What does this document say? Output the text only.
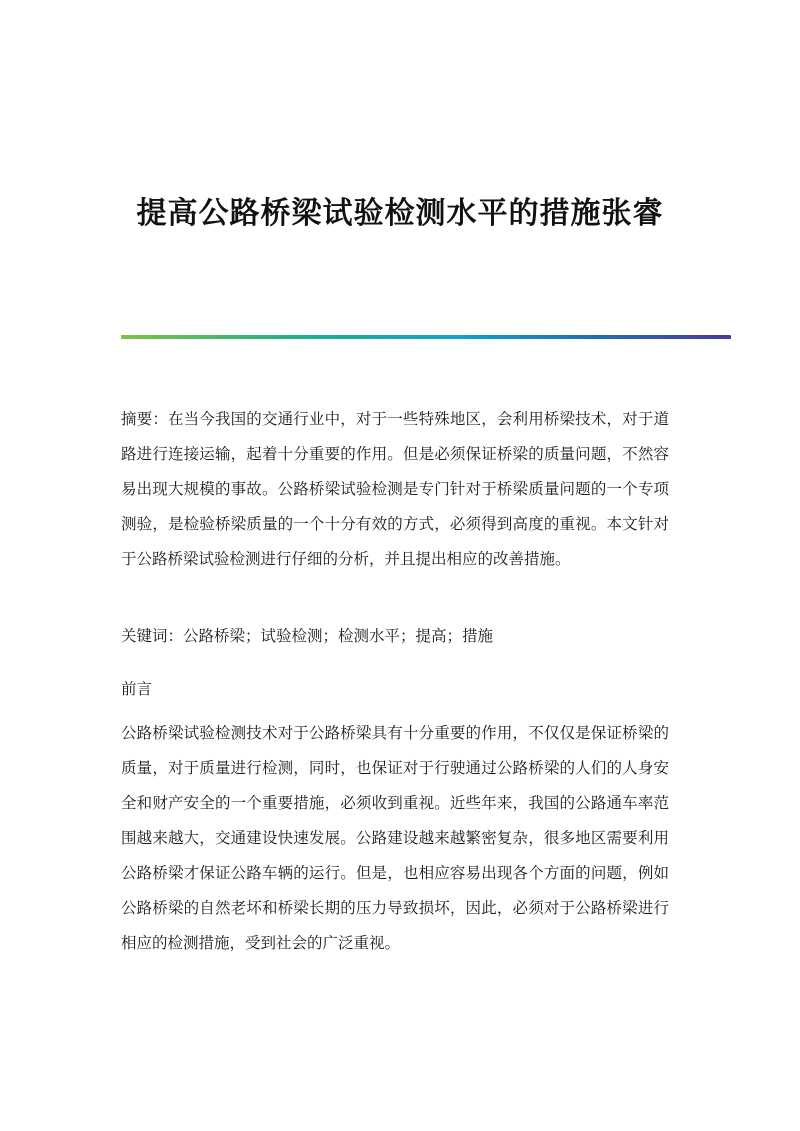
提高公路桥梁试验检测水平的措施张睿

摘要：在当今我国的交通行业中，对于一些特殊地区，会利用桥梁技术，对于道路进行连接运输，起着十分重要的作用。但是必须保证桥梁的质量问题，不然容易出现大规模的事故。公路桥梁试验检测是专门针对于桥梁质量问题的一个专项测验，是检验桥梁质量的一个十分有效的方式，必须得到高度的重视。本文针对于公路桥梁试验检测进行仔细的分析，并且提出相应的改善措施。

关键词：公路桥梁；试验检测；检测水平；提高；措施

前言

公路桥梁试验检测技术对于公路桥梁具有十分重要的作用，不仅仅是保证桥梁的质量，对于质量进行检测，同时，也保证对于行驶通过公路桥梁的人们的人身安全和财产安全的一个重要措施，必须收到重视。近些年来，我国的公路通车率范围越来越大，交通建设快速发展。公路建设越来越繁密复杂，很多地区需要利用公路桥梁才保证公路车辆的运行。但是，也相应容易出现各个方面的问题，例如公路桥梁的自然老坏和桥梁长期的压力导致损坏，因此，必须对于公路桥梁进行相应的检测措施，受到社会的广泛重视。
